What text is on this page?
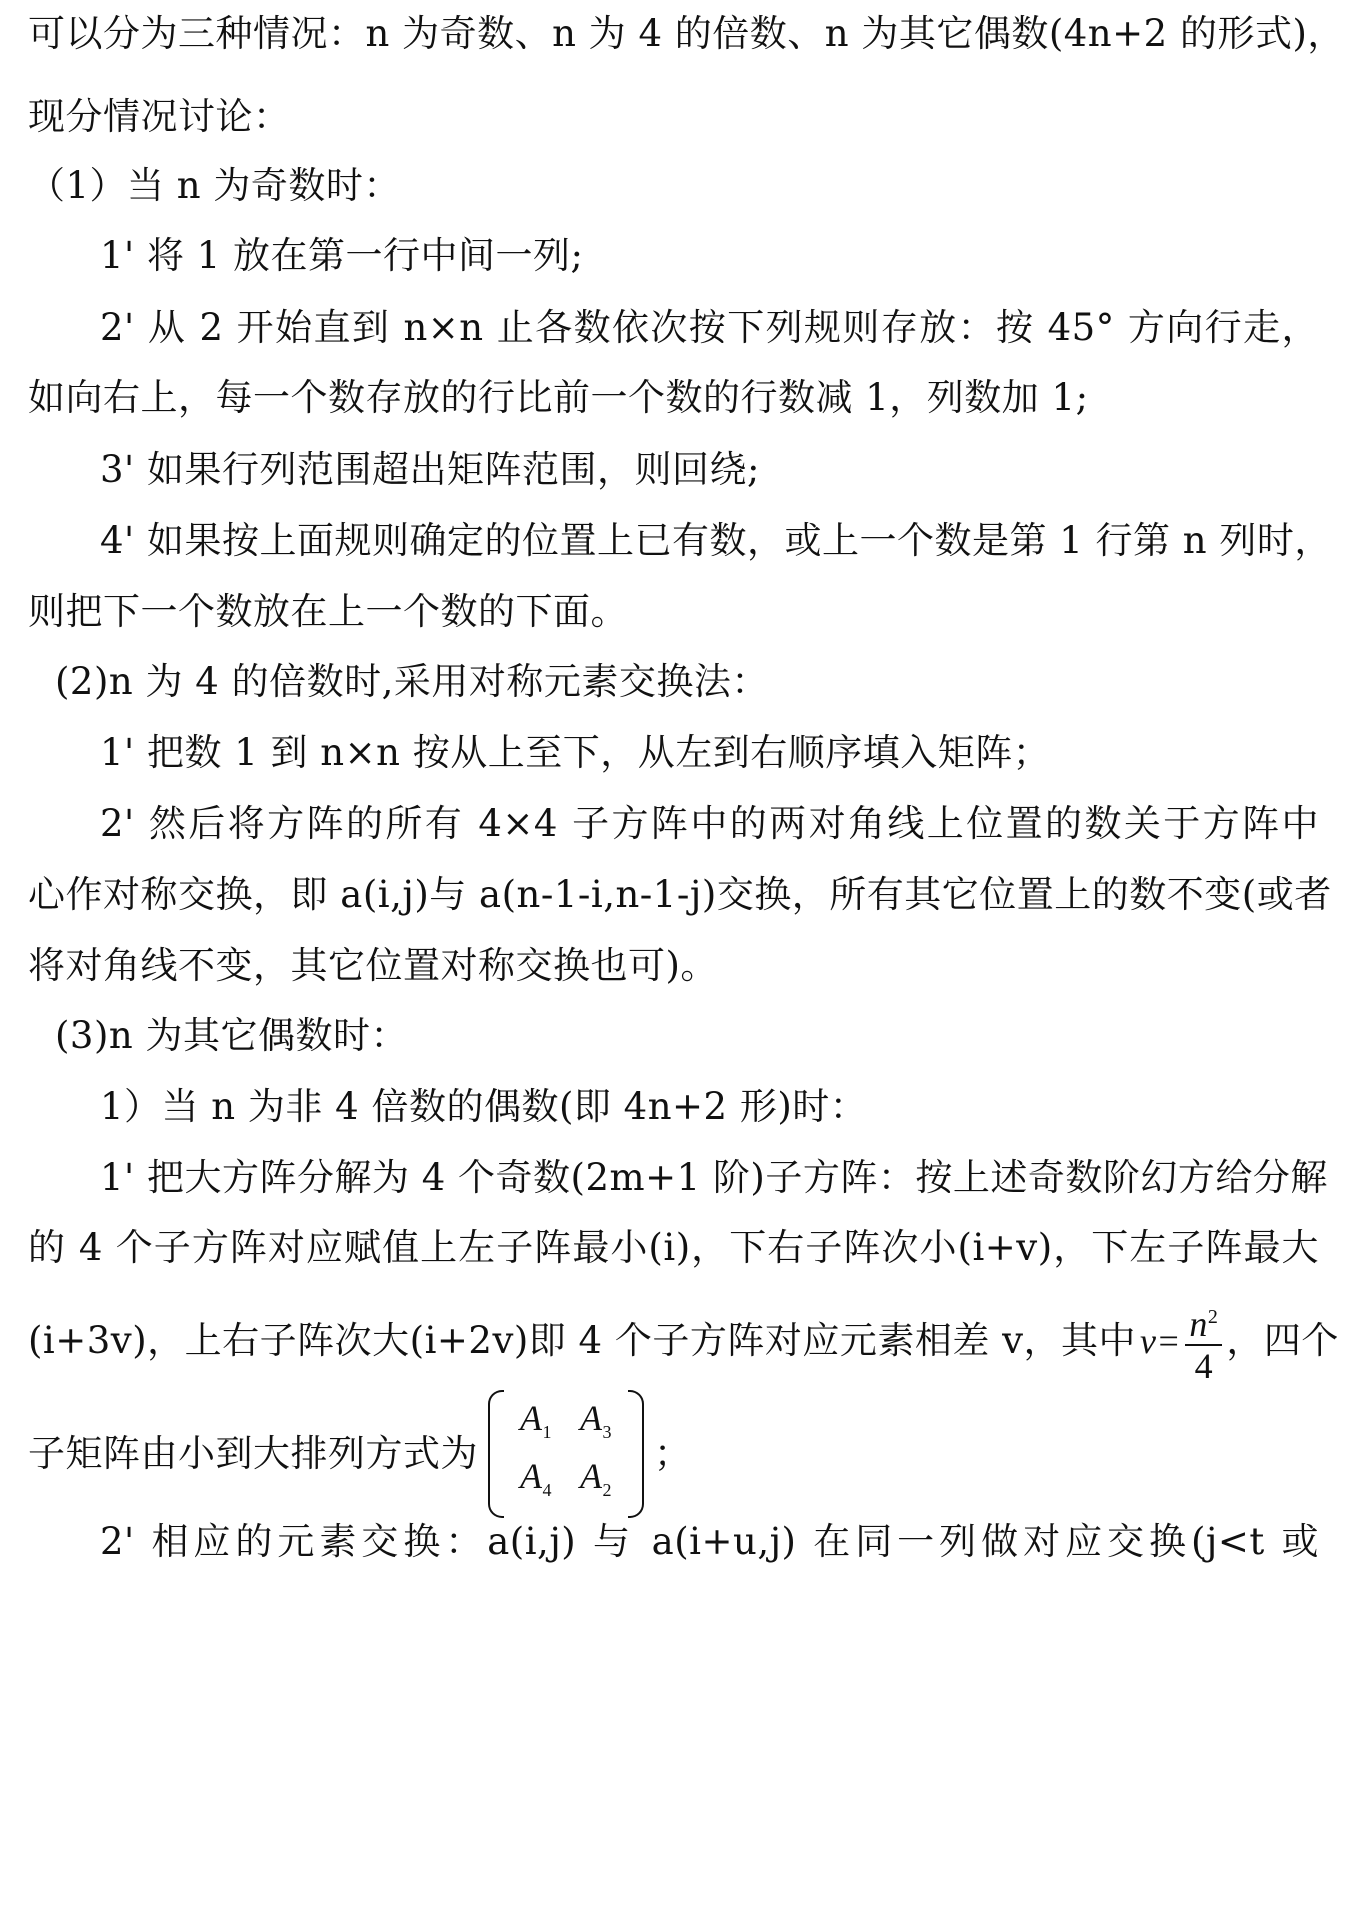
可以分为三种情况：n 为奇数、n 为 4 的倍数、n 为其它偶数(4n+2 的形式)，
现分情况讨论：
（1）当 n 为奇数时：
1' 将 1 放在第一行中间一列;
2' 从 2 开始直到 n×n 止各数依次按下列规则存放：按 45° 方向行走，
如向右上，每一个数存放的行比前一个数的行数减 1，列数加 1;
3' 如果行列范围超出矩阵范围，则回绕;
4' 如果按上面规则确定的位置上已有数，或上一个数是第 1 行第 n 列时，
则把下一个数放在上一个数的下面。
(2)n 为 4 的倍数时,采用对称元素交换法：
1' 把数 1 到 n×n 按从上至下，从左到右顺序填入矩阵；
2' 然后将方阵的所有 4×4 子方阵中的两对角线上位置的数关于方阵中
心作对称交换，即 a(i,j)与 a(n-1-i,n-1-j)交换，所有其它位置上的数不变(或者
将对角线不变，其它位置对称交换也可)。
(3)n 为其它偶数时：
1）当 n 为非 4 倍数的偶数(即 4n+2 形)时：
1' 把大方阵分解为 4 个奇数(2m+1 阶)子方阵：按上述奇数阶幻方给分解
的 4 个子方阵对应赋值上左子阵最小(i)，下右子阵次小(i+v)，下左子阵最大
(i+3v)，上右子阵次大(i+2v)即 4 个子方阵对应元素相差 v，其中 $v = \frac{n^2}{4}$ ，四个
子矩阵由小到大排列方式为
$A_1$	$A_3$
$A_4$	$A_2$
；
2' 相应的元素交换：a(i,j) 与 a(i+u,j) 在同一列做对应交换(j<t 或
